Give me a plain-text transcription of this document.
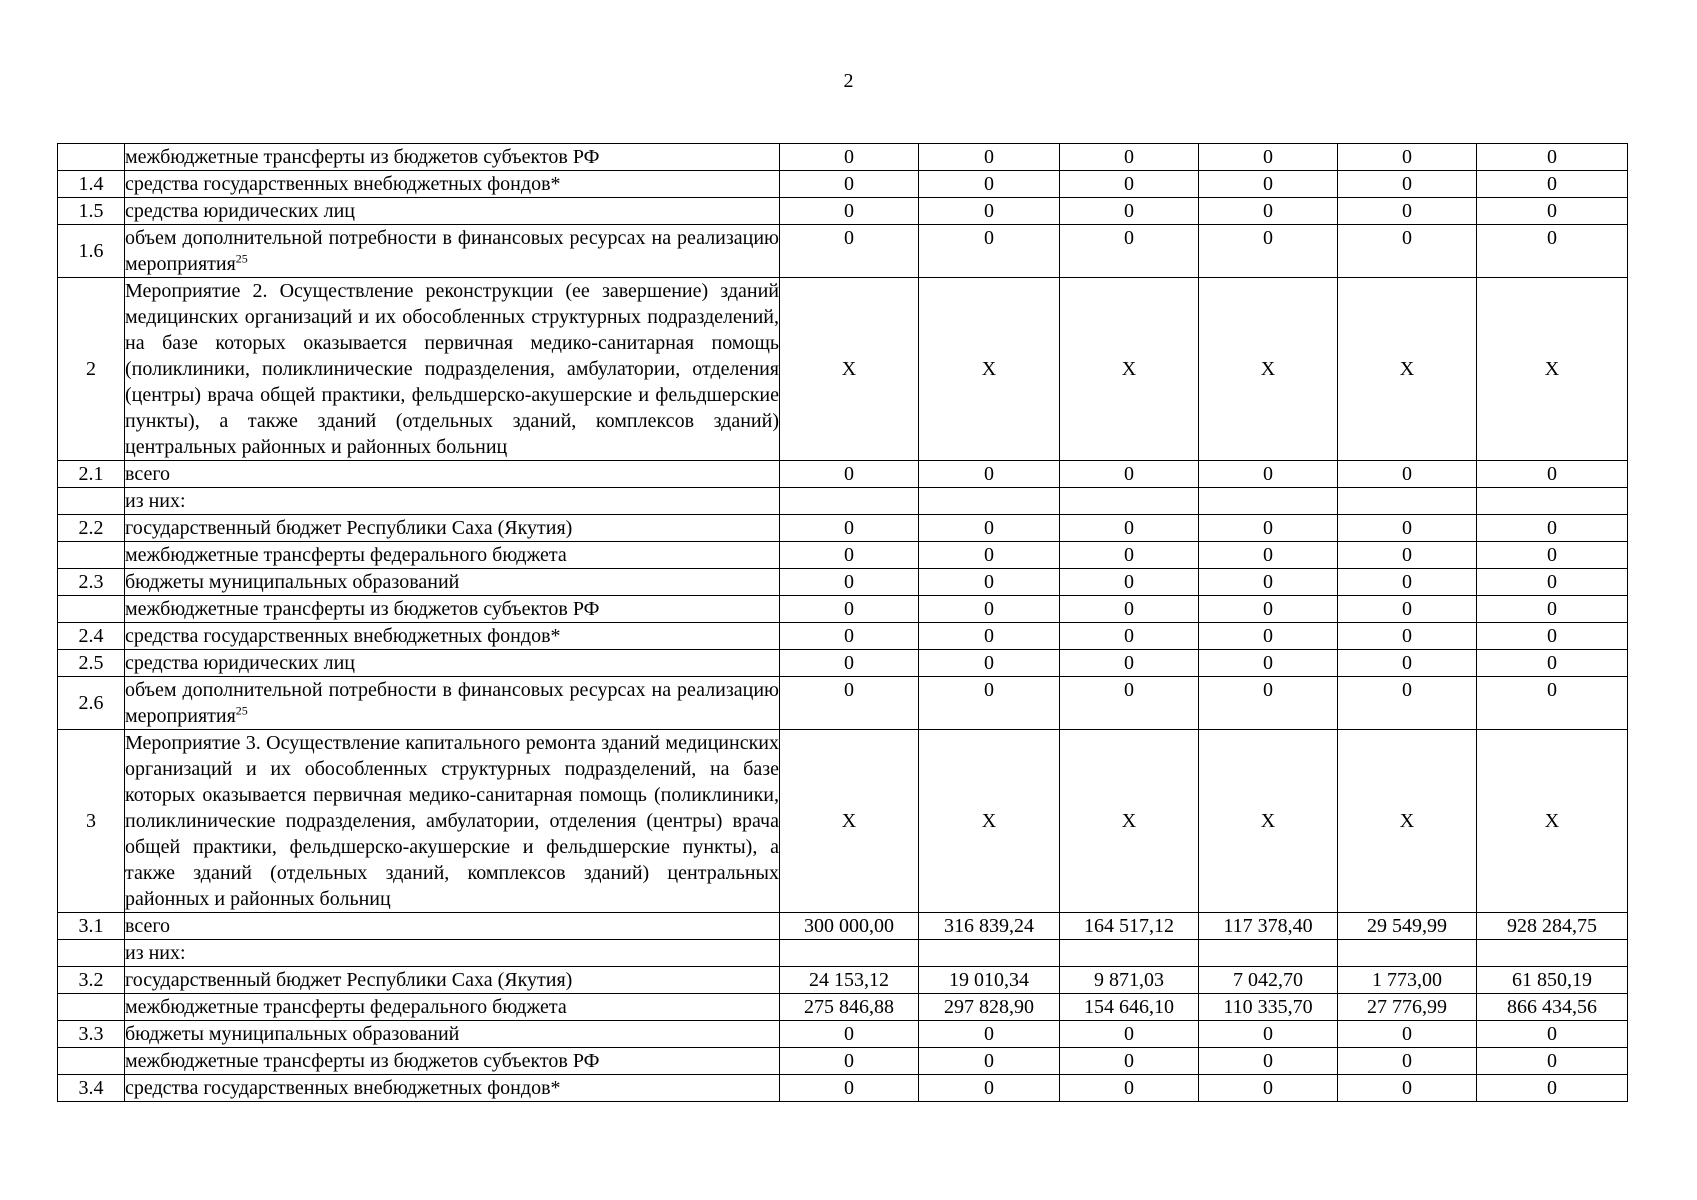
2
	межбюджетные трансферты из бюджетов субъектов РФ	0	0	0	0	0	0
1.4	средства государственных внебюджетных фондов*	0	0	0	0	0	0
1.5	средства юридических лиц	0	0	0	0	0	0
1.6	объем дополнительной потребности в финансовых ресурсах на реализацию мероприятия$^{25}$	0	0	0	0	0	0
2	Мероприятие 2. Осуществление реконструкции (ее завершение) зданий медицинских организаций и их обособленных структурных подразделений, на базе которых оказывается первичная медико-санитарная помощь (поликлиники, поликлинические подразделения, амбулатории, отделения (центры) врача общей практики, фельдшерско-акушерские и фельдшерские пункты), а также зданий (отдельных зданий, комплексов зданий) центральных районных и районных больниц	X	X	X	X	X	X
2.1	всего	0	0	0	0	0	0
	из них:						
2.2	государственный бюджет Республики Саха (Якутия)	0	0	0	0	0	0
	межбюджетные трансферты федерального бюджета	0	0	0	0	0	0
2.3	бюджеты муниципальных образований	0	0	0	0	0	0
	межбюджетные трансферты из бюджетов субъектов РФ	0	0	0	0	0	0
2.4	средства государственных внебюджетных фондов*	0	0	0	0	0	0
2.5	средства юридических лиц	0	0	0	0	0	0
2.6	объем дополнительной потребности в финансовых ресурсах на реализацию мероприятия$^{25}$	0	0	0	0	0	0
3	Мероприятие 3. Осуществление капитального ремонта зданий медицинских организаций и их обособленных структурных подразделений, на базе которых оказывается первичная медико-санитарная помощь (поликлиники, поликлинические подразделения, амбулатории, отделения (центры) врача общей практики, фельдшерско-акушерские и фельдшерские пункты), а также зданий (отдельных зданий, комплексов зданий) центральных районных и районных больниц	X	X	X	X	X	X
3.1	всего	300 000,00	316 839,24	164 517,12	117 378,40	29 549,99	928 284,75
	из них:						
3.2	государственный бюджет Республики Саха (Якутия)	24 153,12	19 010,34	9 871,03	7 042,70	1 773,00	61 850,19
	межбюджетные трансферты федерального бюджета	275 846,88	297 828,90	154 646,10	110 335,70	27 776,99	866 434,56
3.3	бюджеты муниципальных образований	0	0	0	0	0	0
	межбюджетные трансферты из бюджетов субъектов РФ	0	0	0	0	0	0
3.4	средства государственных внебюджетных фондов*	0	0	0	0	0	0
